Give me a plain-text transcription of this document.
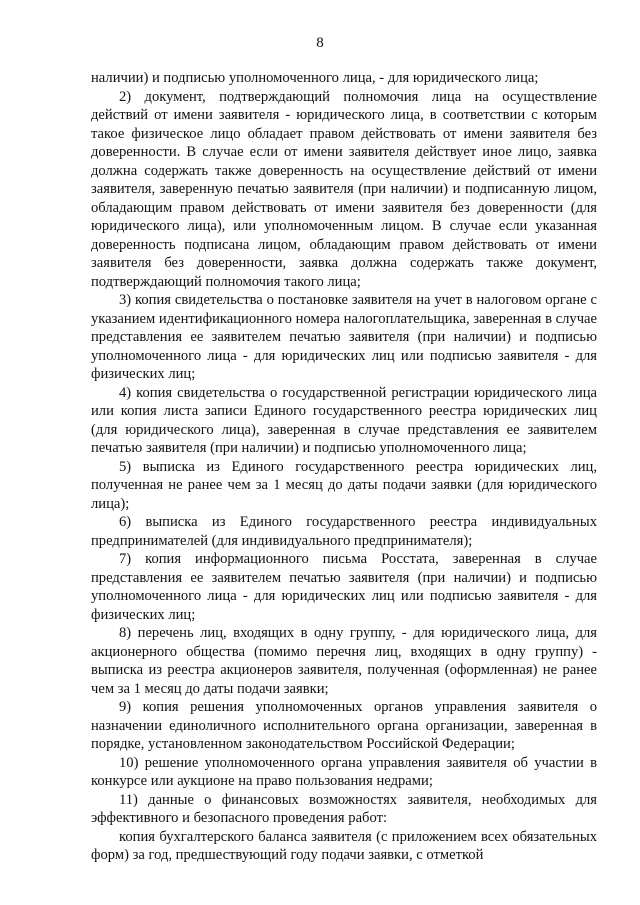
8

наличии) и подписью уполномоченного лица, - для юридического лица;

2) документ, подтверждающий полномочия лица на осуществление действий от имени заявителя - юридического лица, в соответствии с которым такое физическое лицо обладает правом действовать от имени заявителя без доверенности. В случае если от имени заявителя действует иное лицо, заявка должна содержать также доверенность на осуществление действий от имени заявителя, заверенную печатью заявителя (при наличии) и подписанную лицом, обладающим правом действовать от имени заявителя без доверенности (для юридического лица), или уполномоченным лицом. В случае если указанная доверенность подписана лицом, обладающим правом действовать от имени заявителя без доверенности, заявка должна содержать также документ, подтверждающий полномочия такого лица;

3) копия свидетельства о постановке заявителя на учет в налоговом органе с указанием идентификационного номера налогоплательщика, заверенная в случае представления ее заявителем печатью заявителя (при наличии) и подписью уполномоченного лица - для юридических лиц или подписью заявителя - для физических лиц;

4) копия свидетельства о государственной регистрации юридического лица или копия листа записи Единого государственного реестра юридических лиц (для юридического лица), заверенная в случае представления ее заявителем печатью заявителя (при наличии) и подписью уполномоченного лица;

5) выписка из Единого государственного реестра юридических лиц, полученная не ранее чем за 1 месяц до даты подачи заявки (для юридического лица);

6) выписка из Единого государственного реестра индивидуальных предпринимателей (для индивидуального предпринимателя);

7) копия информационного письма Росстата, заверенная в случае представления ее заявителем печатью заявителя (при наличии) и подписью уполномоченного лица - для юридических лиц или подписью заявителя - для физических лиц;

8) перечень лиц, входящих в одну группу, - для юридического лица, для акционерного общества (помимо перечня лиц, входящих в одну группу) - выписка из реестра акционеров заявителя, полученная (оформленная) не ранее чем за 1 месяц до даты подачи заявки;

9) копия решения уполномоченных органов управления заявителя о назначении единоличного исполнительного органа организации, заверенная в порядке, установленном законодательством Российской Федерации;

10) решение уполномоченного органа управления заявителя об участии в конкурсе или аукционе на право пользования недрами;

11) данные о финансовых возможностях заявителя, необходимых для эффективного и безопасного проведения работ:

копия бухгалтерского баланса заявителя (с приложением всех обязательных форм) за год, предшествующий году подачи заявки, с отметкой
